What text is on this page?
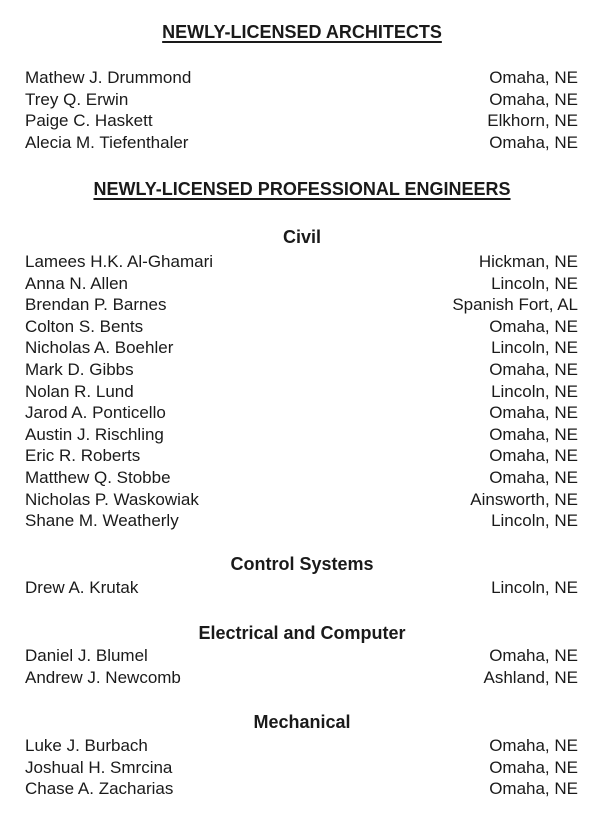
NEWLY-LICENSED ARCHITECTS
Mathew J. Drummond	Omaha, NE
Trey Q. Erwin	Omaha, NE
Paige C. Haskett	Elkhorn, NE
Alecia M. Tiefenthaler	Omaha, NE
NEWLY-LICENSED PROFESSIONAL ENGINEERS
Civil
Lamees H.K. Al-Ghamari	Hickman, NE
Anna N. Allen	Lincoln, NE
Brendan P. Barnes	Spanish Fort, AL
Colton S. Bents	Omaha, NE
Nicholas A. Boehler	Lincoln, NE
Mark D. Gibbs	Omaha, NE
Nolan R. Lund	Lincoln, NE
Jarod A. Ponticello	Omaha, NE
Austin J. Rischling	Omaha, NE
Eric R. Roberts	Omaha, NE
Matthew Q. Stobbe	Omaha, NE
Nicholas P. Waskowiak	Ainsworth, NE
Shane M. Weatherly	Lincoln, NE
Control Systems
Drew A. Krutak	Lincoln, NE
Electrical and Computer
Daniel J. Blumel	Omaha, NE
Andrew J. Newcomb	Ashland, NE
Mechanical
Luke J. Burbach	Omaha, NE
Joshual H. Smrcina	Omaha, NE
Chase A. Zacharias	Omaha, NE
